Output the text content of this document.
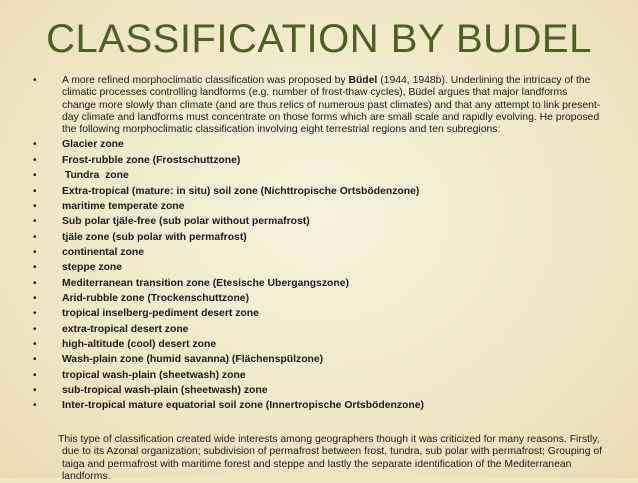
CLASSIFICATION BY BUDEL

• A more refined morphoclimatic classification was proposed by Büdel (1944, 1948b). Underlining the intricacy of the climatic processes controlling landforms (e.g. number of frost-thaw cycles), Büdel argues that major landforms change more slowly than climate (and are thus relics of numerous past climates) and that any attempt to link present-day climate and landforms must concentrate on those forms which are small scale and rapidly evolving. He proposed the following morphoclimatic classification involving eight terrestrial regions and ten subregions:

• Glacier zone

• Frost-rubble zone (Frostschuttzone)

• Tundra  zone

• Extra-tropical (mature: in situ) soil zone (Nichttropische Ortsbödenzone)

• maritime temperate zone

• Sub polar tjäle-free (sub polar without permafrost)

• tjäle zone (sub polar with permafrost)

• continental zone

• steppe zone

• Mediterranean transition zone (Etesische Ubergangszone)

• Arid-rubble zone (Trockenschuttzone)

• tropical inselberg-pediment desert zone

• extra-tropical desert zone

• high-altitude (cool) desert zone

• Wash-plain zone (humid savanna) (Flächenspülzone)

• tropical wash-plain (sheetwash) zone

• sub-tropical wash-plain (sheetwash) zone

• Inter-tropical mature equatorial soil zone (Innertropische Ortsbödenzone)

This type of classification created wide interests among geographers though it was criticized for many reasons. Firstly, due to its Azonal organization; subdivision of permafrost between frost, tundra, sub polar with permafrost; Grouping of taiga and permafrost with maritime forest and steppe and lastly the separate identification of the Mediterranean landforms.
